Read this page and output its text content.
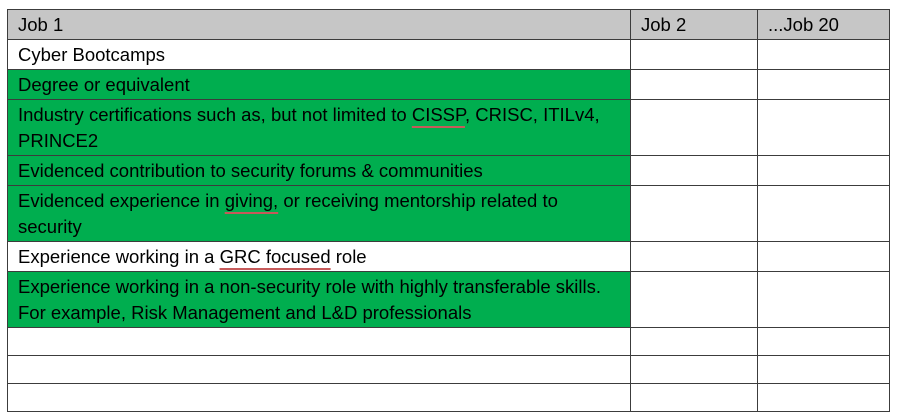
Job 1	Job 2	...Job 20
Cyber Bootcamps		
Degree or equivalent		
Industry certifications such as, but not limited to CISSP, CRISC, ITILv4, PRINCE2		
Evidenced contribution to security forums & communities		
Evidenced experience in giving, or receiving mentorship related to security		
Experience working in a GRC focused role		
Experience working in a non-security role with highly transferable skills. For example, Risk Management and L&D professionals		
